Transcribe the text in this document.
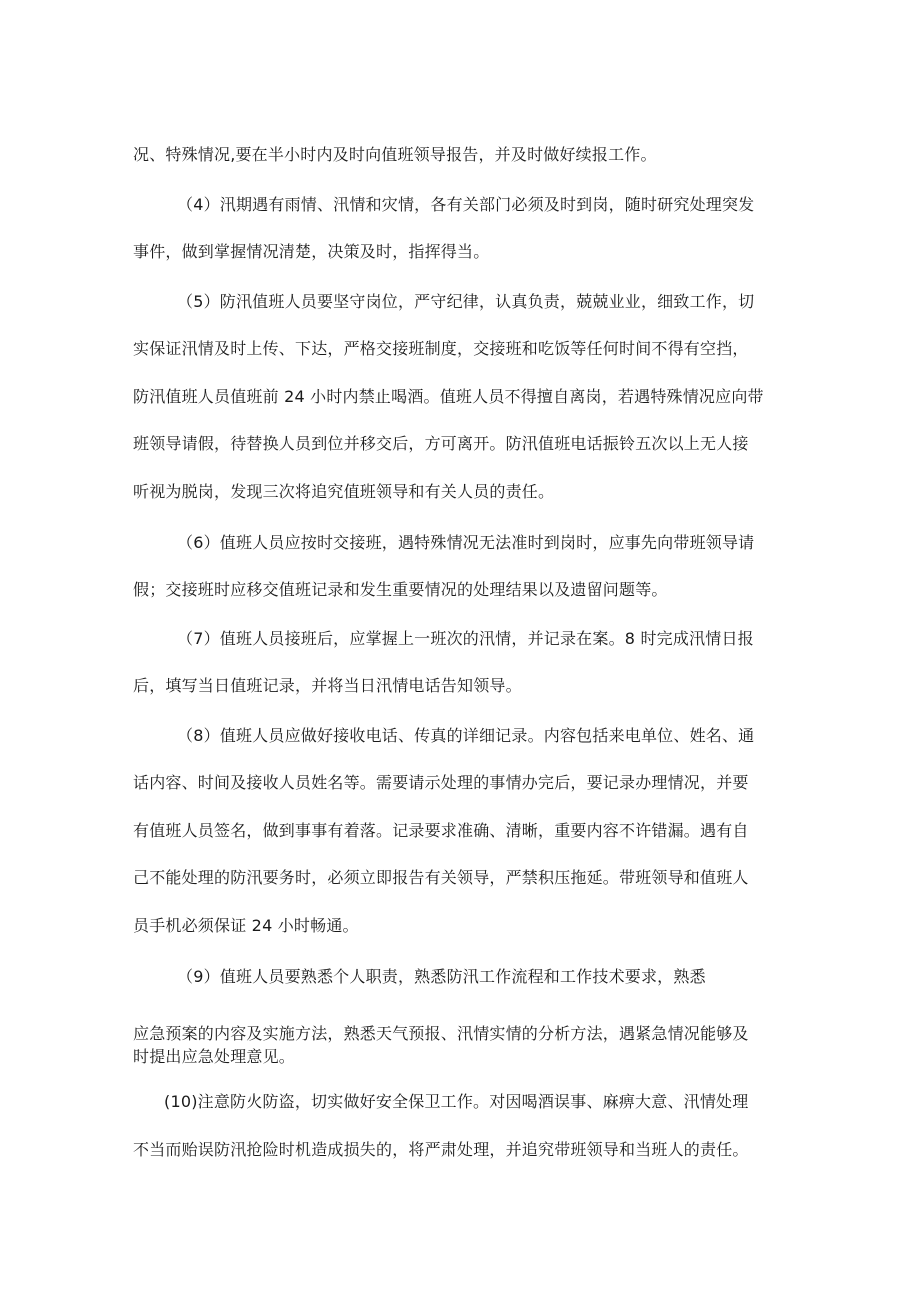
况、特殊情况,要在半小时内及时向值班领导报告，并及时做好续报工作。

（4）汛期遇有雨情、汛情和灾情，各有关部门必须及时到岗，随时研究处理突发

事件，做到掌握情况清楚，决策及时，指挥得当。

（5）防汛值班人员要坚守岗位，严守纪律，认真负责，兢兢业业，细致工作，切

实保证汛情及时上传、下达，严格交接班制度，交接班和吃饭等任何时间不得有空挡，

防汛值班人员值班前 24 小时内禁止喝酒。值班人员不得擅自离岗，若遇特殊情况应向带

班领导请假，待替换人员到位并移交后，方可离开。防汛值班电话振铃五次以上无人接

听视为脱岗，发现三次将追究值班领导和有关人员的责任。

（6）值班人员应按时交接班，遇特殊情况无法准时到岗时，应事先向带班领导请

假；交接班时应移交值班记录和发生重要情况的处理结果以及遗留问题等。

（7）值班人员接班后，应掌握上一班次的汛情，并记录在案。8 时完成汛情日报

后，填写当日值班记录，并将当日汛情电话告知领导。

（8）值班人员应做好接收电话、传真的详细记录。内容包括来电单位、姓名、通

话内容、时间及接收人员姓名等。需要请示处理的事情办完后，要记录办理情况，并要

有值班人员签名，做到事事有着落。记录要求准确、清晰，重要内容不许错漏。遇有自

己不能处理的防汛要务时，必须立即报告有关领导，严禁积压拖延。带班领导和值班人

员手机必须保证 24 小时畅通。

（9）值班人员要熟悉个人职责，熟悉防汛工作流程和工作技术要求，熟悉

应急预案的内容及实施方法，熟悉天气预报、汛情实情的分析方法，遇紧急情况能够及

时提出应急处理意见。

(10)注意防火防盗，切实做好安全保卫工作。对因喝酒误事、麻痹大意、汛情处理

不当而贻误防汛抢险时机造成损失的，将严肃处理，并追究带班领导和当班人的责任。
